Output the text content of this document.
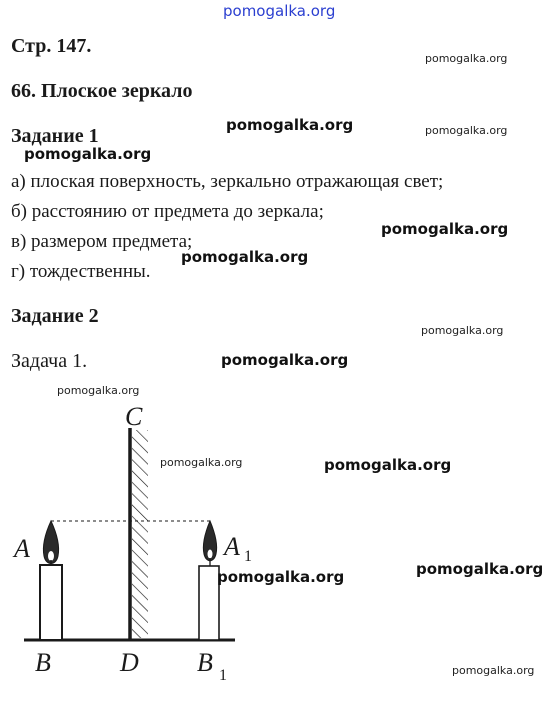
pomogalka.org
Стр. 147.
pomogalka.org
66. Плоское зеркало
Задание 1	pomogalka.org	pomogalka.org
pomogalka.org
а) плоская поверхность, зеркально отражающая свет;
б) расстоянию от предмета до зеркала;
pomogalka.org
в) размером предмета;
pomogalka.org
г) тождественны.
Задание 2
pomogalka.org
Задача 1.	pomogalka.org
pomogalka.org
C
A	A 1
B	D B 1
pomogalka.org	pomogalka.org
pomogalka.org	pomogalka.org
pomogalka.org
